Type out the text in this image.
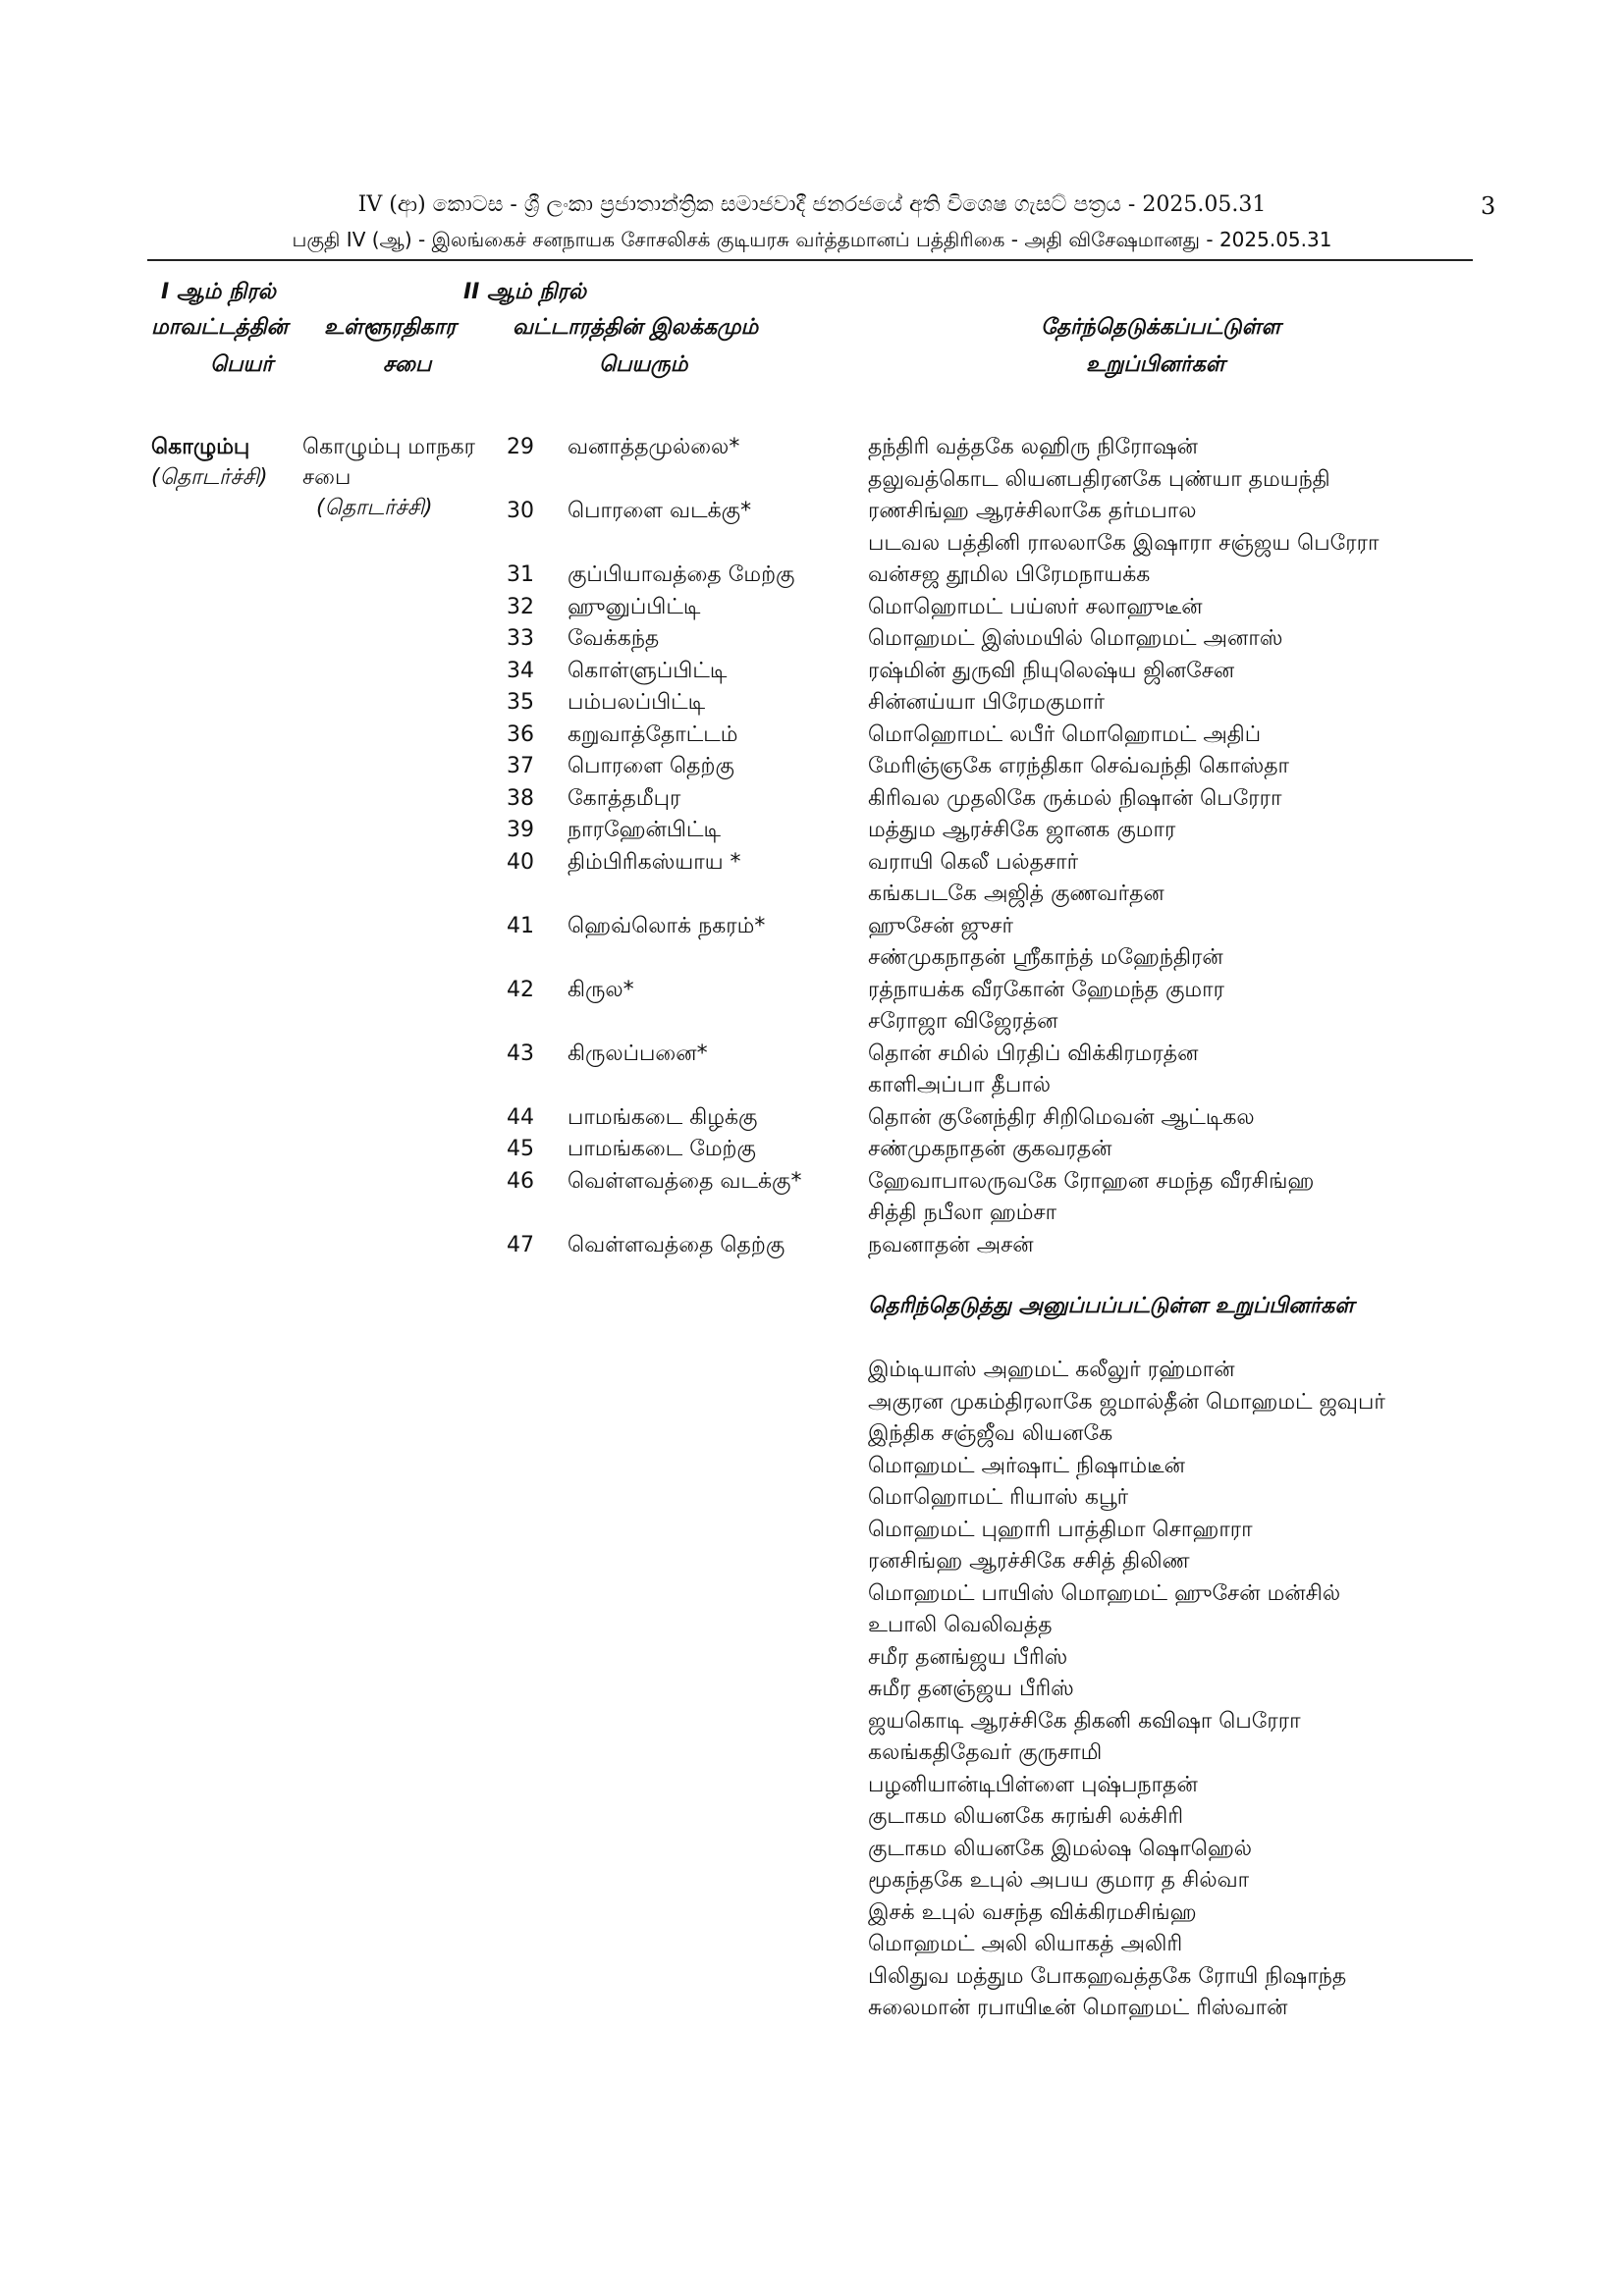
IV (ආ) කොටස - ශ්‍රී ලංකා ප්‍රජාතාන්ත්‍රික සමාජවාදී ජනරජයේ අති විශෙෂ ගැසට් පත්‍රය - 2025.05.31	3
பகுதி IV (ஆ) - இலங்கைச் சனநாயக சோசலிசக் குடியரசு வர்த்தமானப் பத்திரிகை - அதி விசேஷமானது - 2025.05.31
I ஆம் நிரல்
மாவட்டத்தின்
பெயர்
உள்ளூரதிகார
சபை
II ஆம் நிரல்
வட்டாரத்தின் இலக்கமும்
பெயரும்
தேர்ந்தெடுக்கப்பட்டுள்ள
உறுப்பினர்கள்
கொழும்பு
(தொடர்ச்சி)
கொழும்பு மாநகர
சபை
(தொடர்ச்சி)
29 வனாத்தமுல்லை*	தந்திரி வத்தகே லஹிரு நிரோஷன்
தலுவத்கொட லியனபதிரனகே புண்யா தமயந்தி
30 பொரளை வடக்கு*	ரணசிங்ஹ ஆரச்சிலாகே தர்மபால
படவல பத்தினி ராலலாகே இஷாரா சஞ்ஜய பெரேரா
31 குப்பியாவத்தை மேற்கு	வன்சஜ தூமில பிரேமநாயக்க
32 ஹுனுப்பிட்டி	மொஹொமட் பய்ஸர் சலாஹுடீன்
33 வேக்கந்த	மொஹமட் இஸ்மயில் மொஹமட் அனாஸ்
34 கொள்ளுப்பிட்டி	ரஷ்மின் துருவி நியுலெஷ்ய ஜினசேன
35 பம்பலப்பிட்டி	சின்னய்யா பிரேமகுமார்
36 கறுவாத்தோட்டம்	மொஹொமட் லபீர் மொஹொமட் அதிப்
37 பொரளை தெற்கு	மேரிஞ்ஞகே எரந்திகா செவ்வந்தி கொஸ்தா
38 கோத்தமீபுர	கிரிவல முதலிகே ருக்மல் நிஷான் பெரேரா
39 நாரஹேன்பிட்டி	மத்தும ஆரச்சிகே ஜானக குமார
40 திம்பிரிகஸ்யாய *	வராயி கெலீ பல்தசார்
கங்கபடகே அஜித் குணவர்தன
41 ஹெவ்லொக் நகரம்*	ஹுசேன் ஜுசர்
சண்முகநாதன் ஸ்ரீகாந்த் மஹேந்திரன்
42 கிருல*	ரத்நாயக்க வீரகோன் ஹேமந்த குமார
சரோஜா விஜேரத்ன
43 கிருலப்பனை*	தொன் சமில் பிரதிப் விக்கிரமரத்ன
காளிஅப்பா தீபால்
44 பாமங்கடை கிழக்கு	தொன் குனேந்திர சிறிமெவன் ஆட்டிகல
45 பாமங்கடை மேற்கு	சண்முகநாதன் குகவரதன்
46 வெள்ளவத்தை வடக்கு*	ஹேவாபாலருவகே ரோஹன சமந்த வீரசிங்ஹ
சித்தி நபீலா ஹம்சா
47 வெள்ளவத்தை தெற்கு	நவனாதன் அசன்
தெரிந்தெடுத்து அனுப்பப்பட்டுள்ள உறுப்பினர்கள்
இம்டியாஸ் அஹமட் கலீலுர் ரஹ்மான்
அகுரன முகம்திரலாகே ஜமால்தீன் மொஹமட் ஜவுபர்
இந்திக சஞ்ஜீவ லியனகே
மொஹமட் அர்ஷாட் நிஷாம்டீன்
மொஹொமட் ரியாஸ் கபூர்
மொஹமட் புஹாரி பாத்திமா சொஹாரா
ரனசிங்ஹ ஆரச்சிகே சசித் திலிண
மொஹமட் பாயிஸ் மொஹமட் ஹுசேன் மன்சில்
உபாலி வெலிவத்த
சமீர தனங்ஜய பீரிஸ்
சுமீர தனஞ்ஜய பீரிஸ்
ஜயகொடி ஆரச்சிகே திகனி கவிஷா பெரேரா
கலங்கதிதேவர் குருசாமி
பழனியான்டிபிள்ளை புஷ்பநாதன்
குடாகம லியனகே சுரங்சி லக்சிரி
குடாகம லியனகே இமல்ஷ ஷொஹெல்
மூகந்தகே உபுல் அபய குமார த சில்வா
இசக் உபுல் வசந்த விக்கிரமசிங்ஹ
மொஹமட் அலி லியாகத் அலிரி
பிலிதுவ மத்தும போகஹவத்தகே ரோயி நிஷாந்த
சுலைமான் ரபாயிடீன் மொஹமட் ரிஸ்வான்
